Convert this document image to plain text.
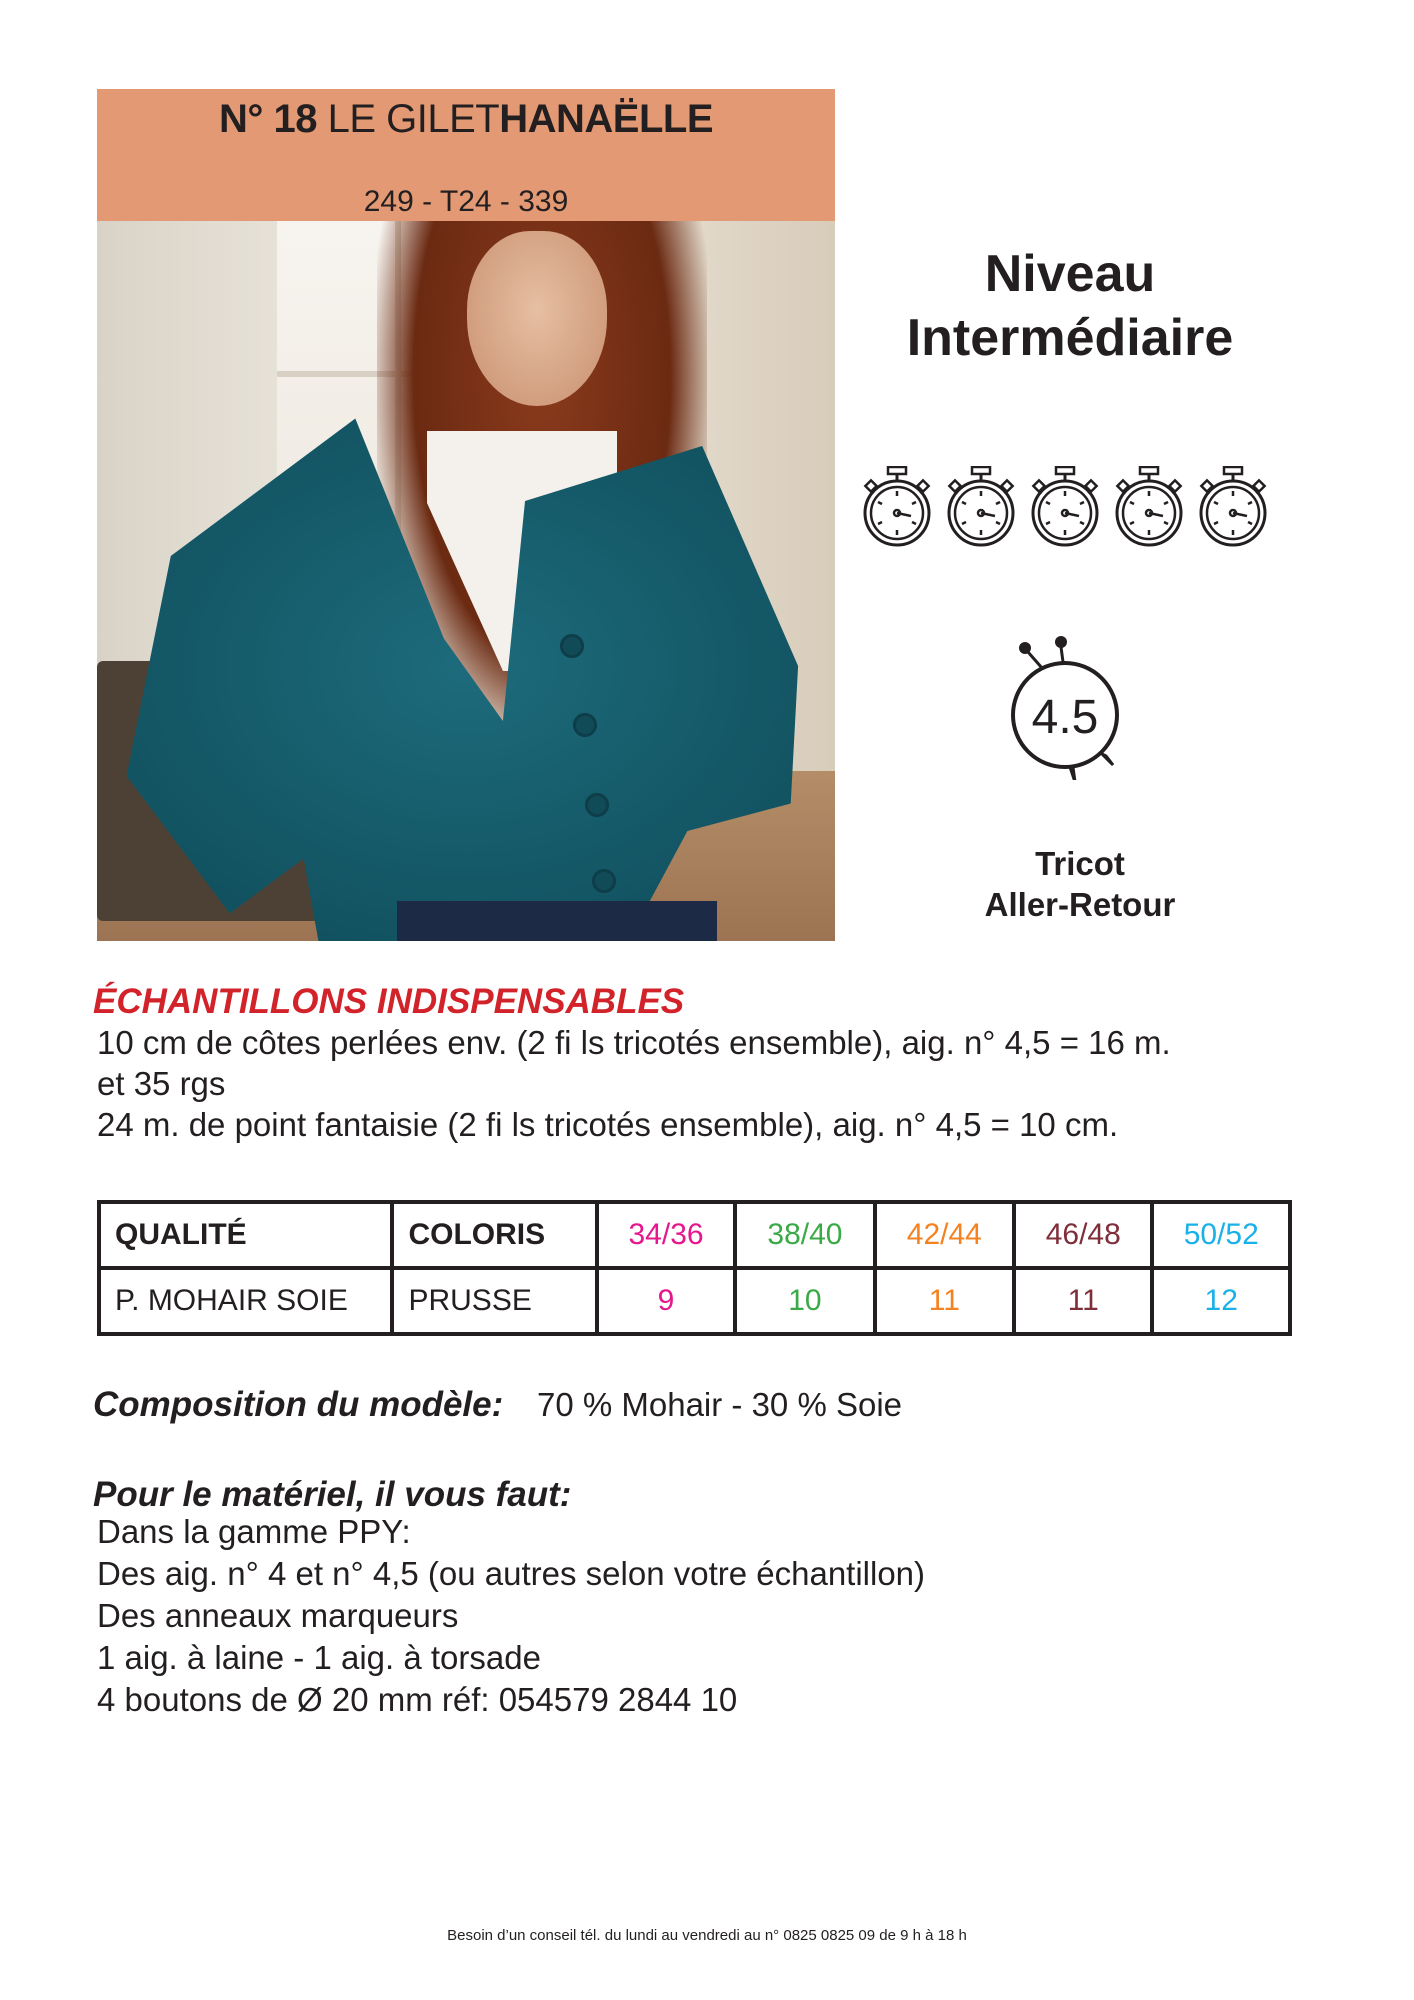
N° 18 LE GILETHANAËLLE
249 - T24 - 339
Niveau
Intermédiaire
4.5
Tricot
Aller-Retour
ÉCHANTILLONS INDISPENSABLES
10 cm de côtes perlées env. (2 fi ls tricotés ensemble), aig. n° 4,5 = 16 m.
et 35 rgs
24 m. de point fantaisie (2 fi ls tricotés ensemble), aig. n° 4,5 = 10 cm.
QUALITÉ	COLORIS	34/36	38/40	42/44	46/48	50/52
P. MOHAIR SOIE	PRUSSE	9	10	11	11	12
Composition du modèle: 70 % Mohair - 30 % Soie
Pour le matériel, il vous faut:
Dans la gamme PPY:
Des aig. n° 4 et n° 4,5 (ou autres selon votre échantillon)
Des anneaux marqueurs
1 aig. à laine - 1 aig. à torsade
4 boutons de Ø 20 mm réf: 054579 2844 10
Besoin d’un conseil tél. du lundi au vendredi au n° 0825 0825 09 de 9 h à 18 h
